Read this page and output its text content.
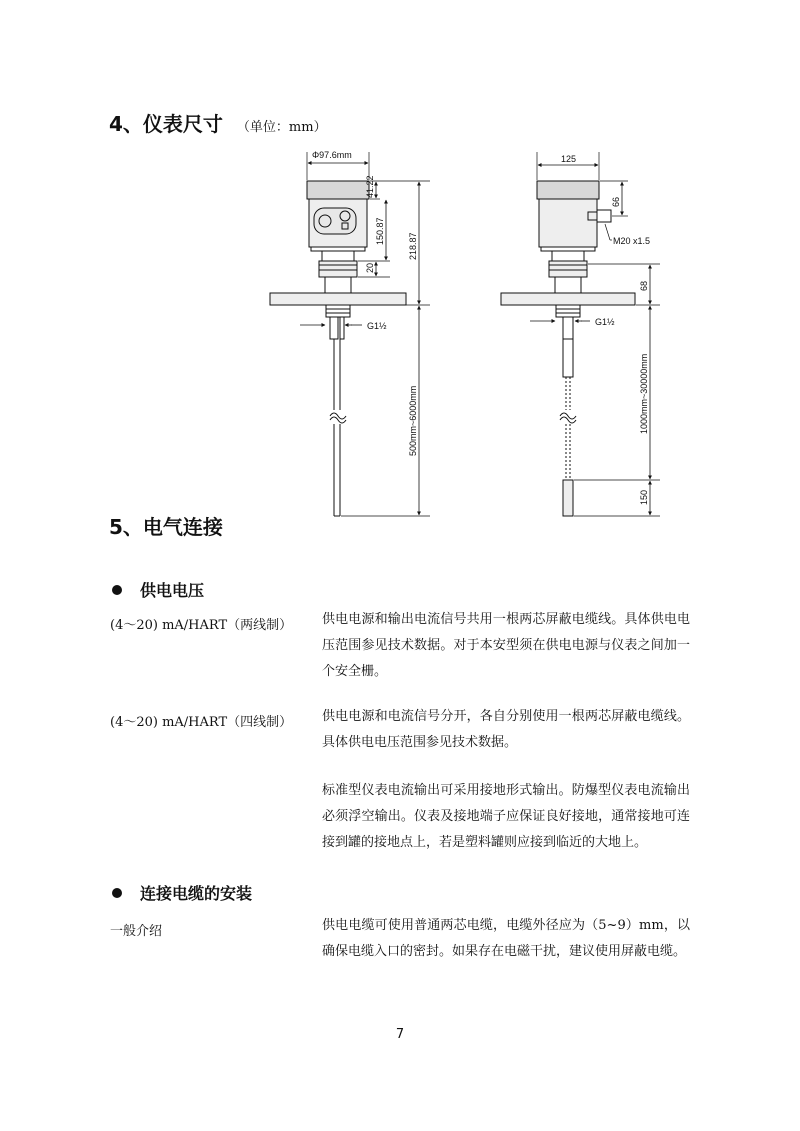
4、仪表尺寸 （单位：mm）
Φ97.6mm
41.22
150.87
20
218.87
G1½
500mm~6000mm
125
66
M20 x1.5
68
G1½
1000mm~30000mm
150
5、电气连接
供电电压
(4～20) mA/HART（两线制） 供电电源和输出电流信号共用一根两芯屏蔽电缆线。具体供电电压范围参见技术数据。对于本安型须在供电电源与仪表之间加一个安全栅。
(4～20) mA/HART（四线制） 供电电源和电流信号分开，各自分别使用一根两芯屏蔽电缆线。具体供电电压范围参见技术数据。
标准型仪表电流输出可采用接地形式输出。防爆型仪表电流输出必须浮空输出。仪表及接地端子应保证良好接地，通常接地可连接到罐的接地点上，若是塑料罐则应接到临近的大地上。
连接电缆的安装
一般介绍	供电电缆可使用普通两芯电缆，电缆外径应为（5~9）mm，以确保电缆入口的密封。如果存在电磁干扰，建议使用屏蔽电缆。
7
